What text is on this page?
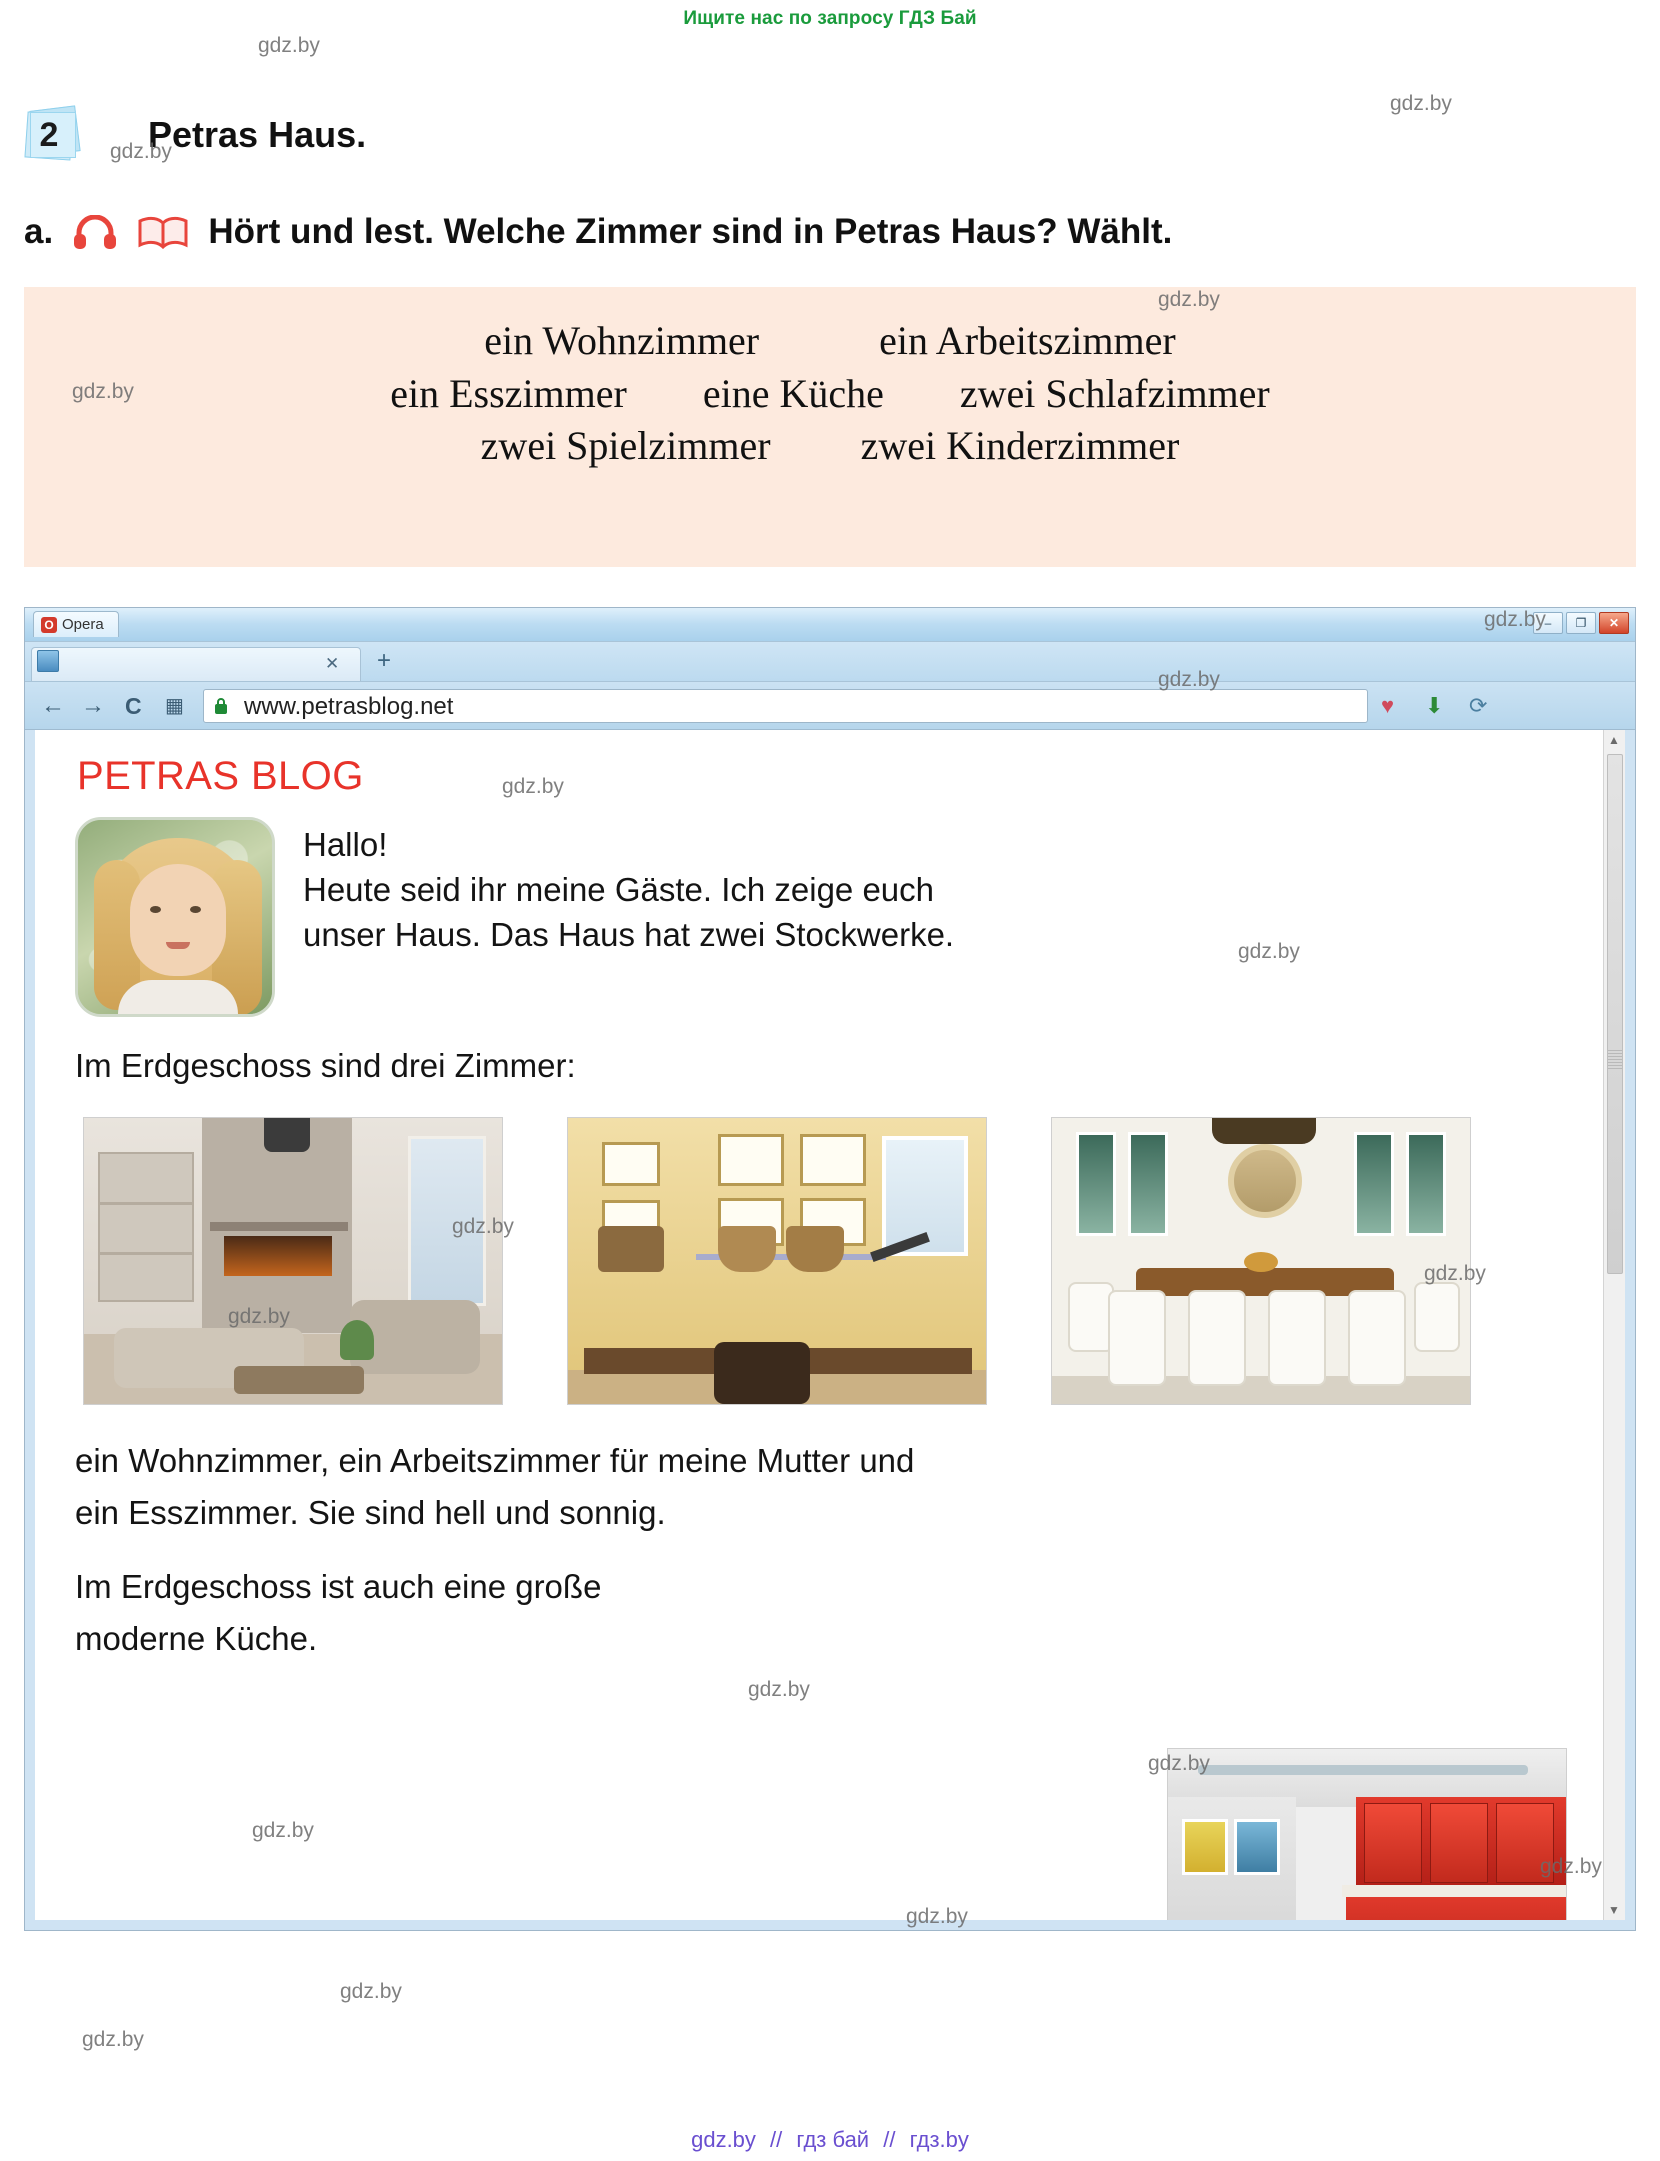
Ищите нас по запросу ГДЗ Бай
2	Petras Haus.
a.	Hört und lest. Welche Zimmer sind in Petras Haus? Wählt.
ein Wohnzimmer	ein Arbeitszimmer
ein Esszimmer eine Küche zwei Schlafzimmer
zwei Spielzimmer zwei Kinderzimmer
O Opera	–	❐	✕
✕ +
← → C ▦	www.petrasblog.net	♥ ⬇ ⟳
▲
▼
PETRAS BLOG
Hallo!
Heute seid ihr meine Gäste. Ich zeige euch
unser Haus. Das Haus hat zwei Stockwerke.
Im Erdgeschoss sind drei Zimmer:

ein Wohnzimmer, ein Arbeitszimmer für meine Mutter und

ein Esszimmer. Sie sind hell und sonnig.

Im Erdgeschoss ist auch eine große

moderne Küche.

gdz.by // гдз бай // гдз.by
gdz.by
gdz.by
gdz.by
gdz.by
gdz.by
gdz.by
gdz.by
gdz.by
gdz.by
gdz.by
gdz.by
gdz.by
gdz.by
gdz.by
gdz.by
gdz.by
gdz.by
gdz.by
gdz.by
